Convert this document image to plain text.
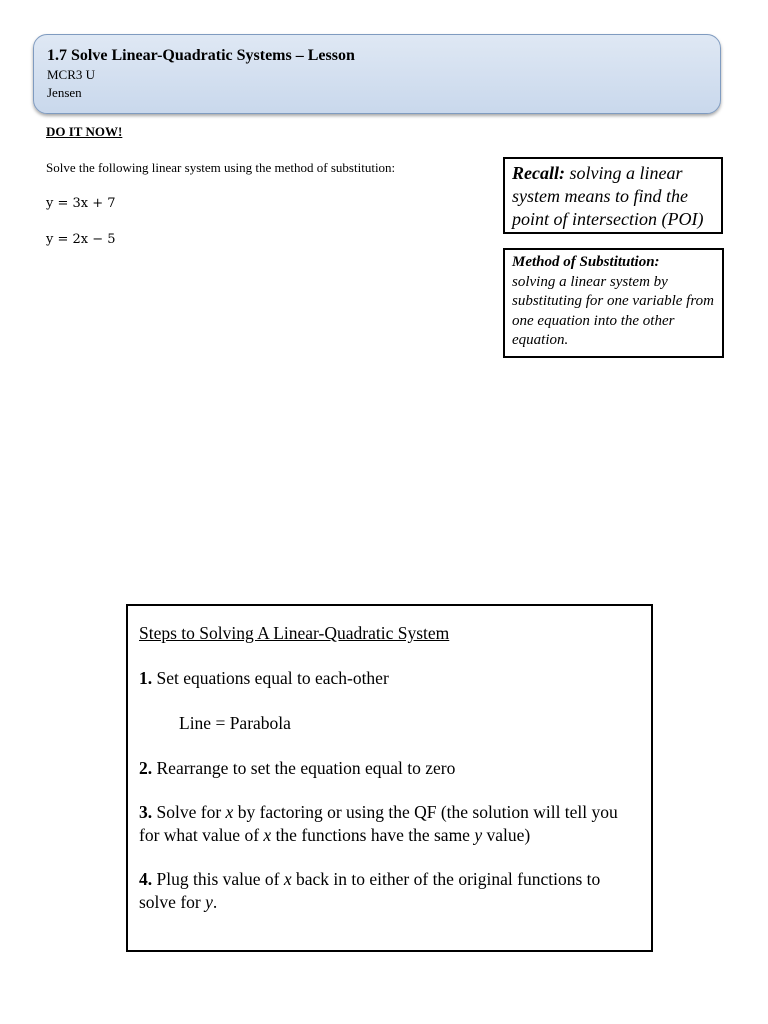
1.7 Solve Linear-Quadratic Systems – Lesson
MCR3 U
Jensen
DO IT NOW!
Solve the following linear system using the method of substitution:
y = 3x + 7
y = 2x − 5
Recall: solving a linear system means to find the point of intersection (POI)
Method of Substitution:
solving a linear system by substituting for one variable from one equation into the other equation.

Steps to Solving A Linear-Quadratic System

1. Set equations equal to each-other

Line = Parabola

2. Rearrange to set the equation equal to zero

3. Solve for x by factoring or using the QF (the solution will tell you for what value of x the functions have the same y value)

4. Plug this value of x back in to either of the original functions to solve for y.
